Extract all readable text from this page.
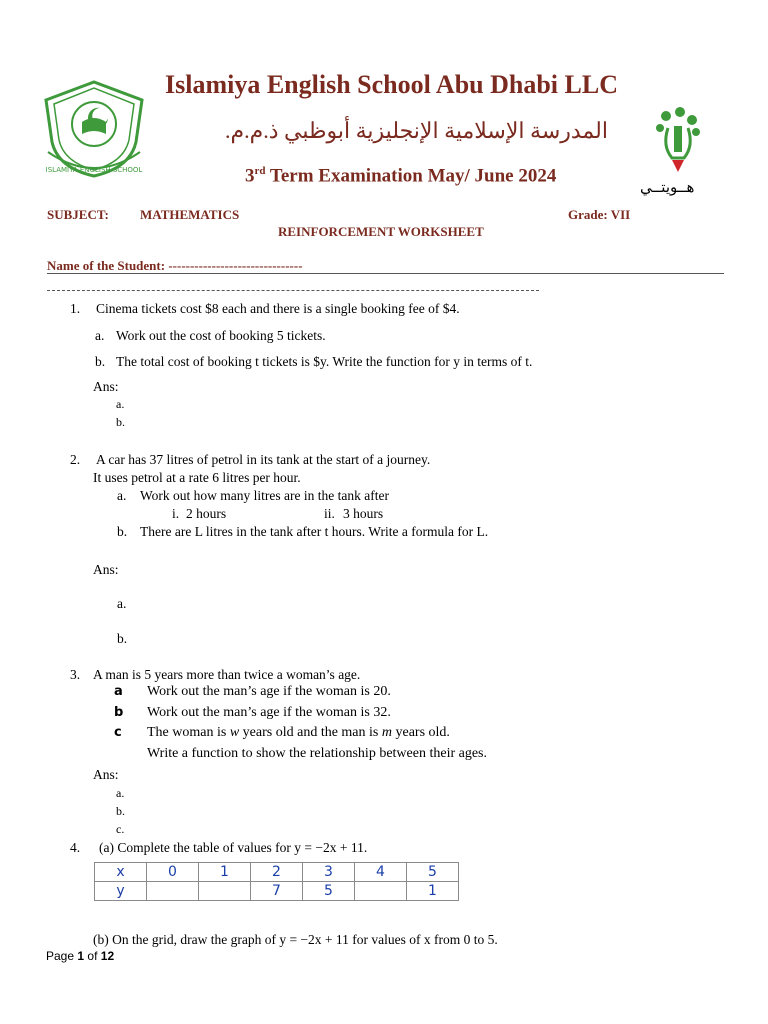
ISLAMIYA ENGLISH SCHOOL
Islamiya English School Abu Dhabi LLC
المدرسة الإسلامية الإنجليزية أبوظبي ذ.م.م.
3rd Term Examination May/ June 2024
هــويتــي
SUBJECT: MATHEMATICS	Grade: VII
REINFORCEMENT WORKSHEET
Name of the Student: -------------------------------
1. Cinema tickets cost $8 each and there is a single booking fee of $4.
a. Work out the cost of booking 5 tickets.
b. The total cost of booking t tickets is $y. Write the function for y in terms of t.
Ans:
a.
b.
2. A car has 37 litres of petrol in its tank at the start of a journey.
It uses petrol at a rate 6 litres per hour.
a. Work out how many litres are in the tank after
i. 2 hours	ii. 3 hours
b. There are L litres in the tank after t hours. Write a formula for L.
Ans:
a.
b.
3. A man is 5 years more than twice a woman’s age.
a Work out the man’s age if the woman is 20.
b Work out the man’s age if the woman is 32.
c The woman is w years old and the man is m years old.
Write a function to show the relationship between their ages.
Ans:
a.
b.
c.
4. (a) Complete the table of values for y = −2x + 11.
x	0	1	2	3	4	5
y			7	5		1
(b) On the grid, draw the graph of y = −2x + 11 for values of x from 0 to 5.
Page 1 of 12
